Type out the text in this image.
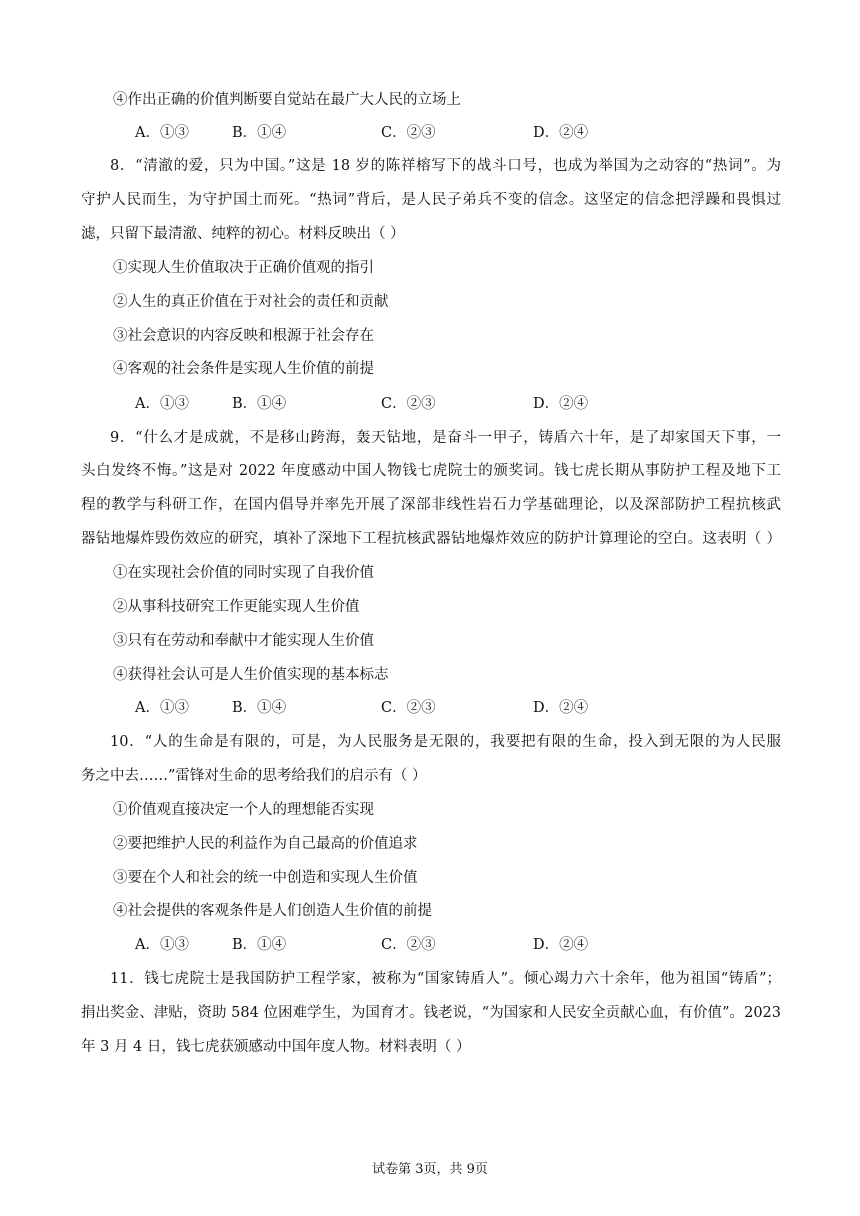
④作出正确的价值判断要自觉站在最广大人民的立场上
A．①③	B．①④	C．②③	D．②④
8．“清澈的爱，只为中国。”这是 18 岁的陈祥榕写下的战斗口号，也成为举国为之动容的“热词”。为
守护人民而生，为守护国土而死。“热词”背后，是人民子弟兵不变的信念。这坚定的信念把浮躁和畏惧过
滤，只留下最清澈、纯粹的初心。材料反映出（ ）
①实现人生价值取决于正确价值观的指引
②人生的真正价值在于对社会的责任和贡献
③社会意识的内容反映和根源于社会存在
④客观的社会条件是实现人生价值的前提
A．①③	B．①④	C．②③	D．②④
9．“什么才是成就，不是移山跨海，轰天钻地，是奋斗一甲子，铸盾六十年，是了却家国天下事，一
头白发终不悔。”这是对 2022 年度感动中国人物钱七虎院士的颁奖词。钱七虎长期从事防护工程及地下工
程的教学与科研工作，在国内倡导并率先开展了深部非线性岩石力学基础理论，以及深部防护工程抗核武
器钻地爆炸毁伤效应的研究，填补了深地下工程抗核武器钻地爆炸效应的防护计算理论的空白。这表明（ ）
①在实现社会价值的同时实现了自我价值
②从事科技研究工作更能实现人生价值
③只有在劳动和奉献中才能实现人生价值
④获得社会认可是人生价值实现的基本标志
A．①③	B．①④	C．②③	D．②④
10．“人的生命是有限的，可是，为人民服务是无限的，我要把有限的生命，投入到无限的为人民服
务之中去……”雷锋对生命的思考给我们的启示有（ ）
①价值观直接决定一个人的理想能否实现
②要把维护人民的利益作为自己最高的价值追求
③要在个人和社会的统一中创造和实现人生价值
④社会提供的客观条件是人们创造人生价值的前提
A．①③	B．①④	C．②③	D．②④
11．钱七虎院士是我国防护工程学家，被称为“国家铸盾人”。倾心竭力六十余年，他为祖国“铸盾”；
捐出奖金、津贴，资助 584 位困难学生，为国育才。钱老说，“为国家和人民安全贡献心血，有价值”。2023
年 3 月 4 日，钱七虎获颁感动中国年度人物。材料表明（ ）
试卷第 3页，共 9页
